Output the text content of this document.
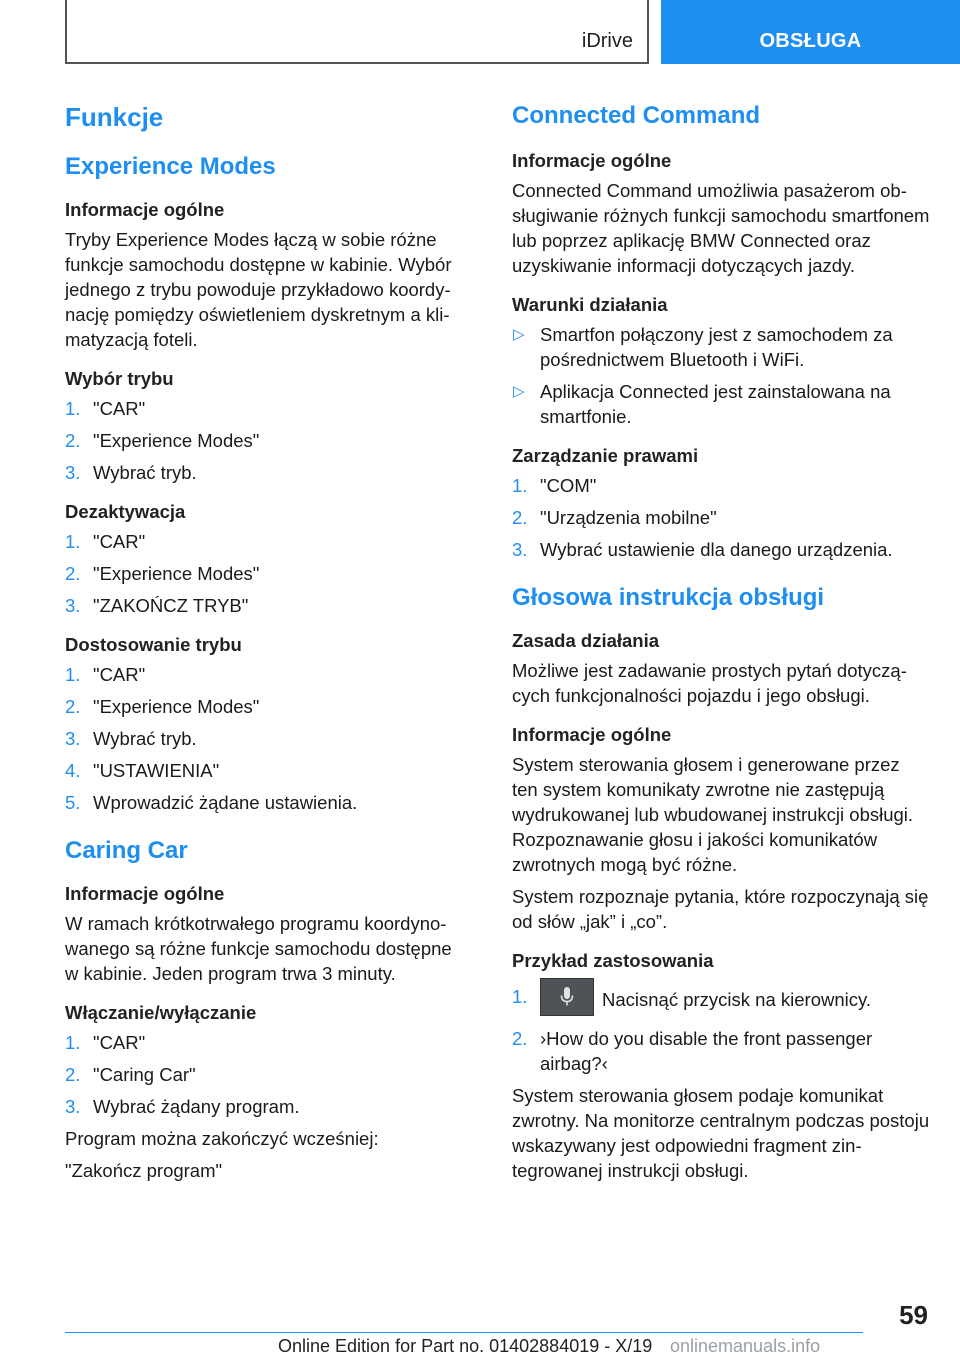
iDrive	OBSŁUGA
Funkcje
Experience Modes
Informacje ogólne

Tryby Experience Modes łączą w sobie różne funkcje samochodu dostępne w kabinie. Wybór jednego z trybu powoduje przykładowo koordynację pomiędzy oświetleniem dyskretnym a klimatyzacją foteli.

Wybór trybu
1. "CAR"
2. "Experience Modes"
3. Wybrać tryb.
Dezaktywacja
1. "CAR"
2. "Experience Modes"
3. "ZAKOŃCZ TRYB"
Dostosowanie trybu
1. "CAR"
2. "Experience Modes"
3. Wybrać tryb.
4. "USTAWIENIA"
5. Wprowadzić żądane ustawienia.
Caring Car
Informacje ogólne

W ramach krótkotrwałego programu koordynowanego są różne funkcje samochodu dostępne w kabinie. Jeden program trwa 3 minuty.

Włączanie/wyłączanie
1. "CAR"
2. "Caring Car"
3. Wybrać żądany program.

Program można zakończyć wcześniej:

"Zakończ program"

Connected Command
Informacje ogólne

Connected Command umożliwia pasażerom obsługiwanie różnych funkcji samochodu smartfonem lub poprzez aplikację BMW Connected oraz uzyskiwanie informacji dotyczących jazdy.

Warunki działania
▷ Smartfon połączony jest z samochodem za pośrednictwem Bluetooth i WiFi.
▷ Aplikacja Connected jest zainstalowana na smartfonie.
Zarządzanie prawami
1. "COM"
2. "Urządzenia mobilne"
3. Wybrać ustawienie dla danego urządzenia.
Głosowa instrukcja obsługi
Zasada działania

Możliwe jest zadawanie prostych pytań dotyczących funkcjonalności pojazdu i jego obsługi.

Informacje ogólne

System sterowania głosem i generowane przez ten system komunikaty zwrotne nie zastępują wydrukowanej lub wbudowanej instrukcji obsługi. Rozpoznawanie głosu i jakości komunikatów zwrotnych mogą być różne.

System rozpoznaje pytania, które rozpoczynają się od słów „jak” i „co”.

Przykład zastosowania
1.	Nacisnąć przycisk na kierownicy.
2. ›How do you disable the front passenger airbag?‹

System sterowania głosem podaje komunikat zwrotny. Na monitorze centralnym podczas postoju wskazywany jest odpowiedni fragment zintegrowanej instrukcji obsługi.

59
Online Edition for Part no. 01402884019 - X/19 onlinemanuals.info
